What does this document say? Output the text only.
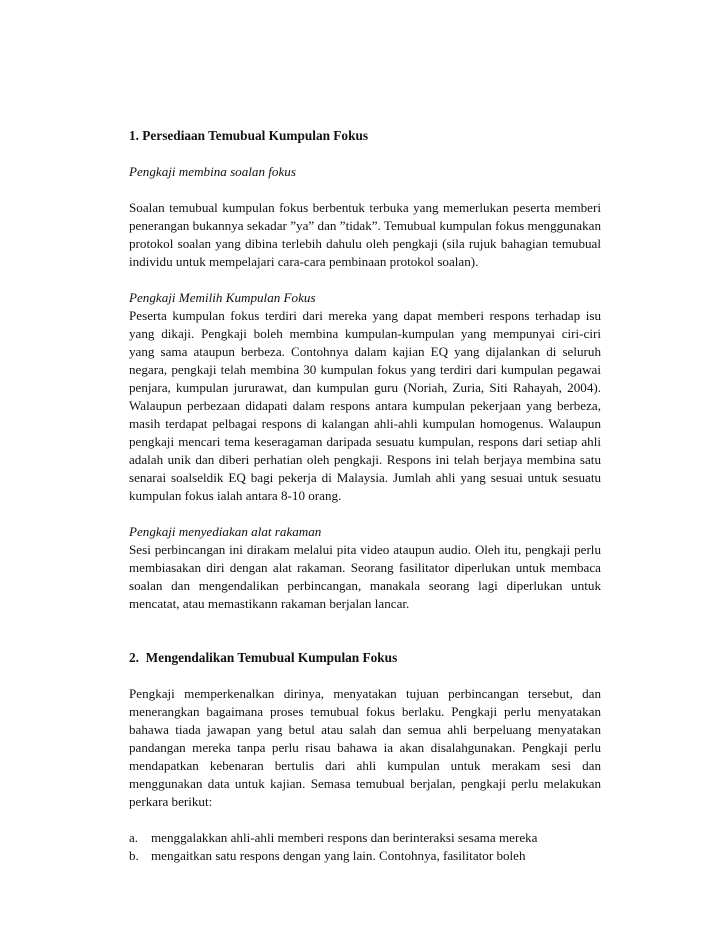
1. Persediaan Temubual Kumpulan Fokus

Pengkaji membina soalan fokus

Soalan temubual kumpulan fokus berbentuk terbuka yang memerlukan peserta memberi penerangan bukannya sekadar ”ya” dan ”tidak”. Temubual kumpulan fokus menggunakan protokol soalan yang dibina terlebih dahulu oleh pengkaji (sila rujuk bahagian temubual individu untuk mempelajari cara-cara pembinaan protokol soalan).

Pengkaji Memilih Kumpulan Fokus

Peserta kumpulan fokus terdiri dari mereka yang dapat memberi respons terhadap isu yang dikaji. Pengkaji boleh membina kumpulan-kumpulan yang mempunyai ciri-ciri yang sama ataupun berbeza. Contohnya dalam kajian EQ yang dijalankan di seluruh negara, pengkaji telah membina 30 kumpulan fokus yang terdiri dari kumpulan pegawai penjara, kumpulan jururawat, dan kumpulan guru (Noriah, Zuria, Siti Rahayah, 2004). Walaupun perbezaan didapati dalam respons antara kumpulan pekerjaan yang berbeza, masih terdapat pelbagai respons di kalangan ahli-ahli kumpulan homogenus. Walaupun pengkaji mencari tema keseragaman daripada sesuatu kumpulan, respons dari setiap ahli adalah unik dan diberi perhatian oleh pengkaji. Respons ini telah berjaya membina satu senarai soalseldik EQ bagi pekerja di Malaysia. Jumlah ahli yang sesuai untuk sesuatu kumpulan fokus ialah antara 8-10 orang.

Pengkaji menyediakan alat rakaman

Sesi perbincangan ini dirakam melalui pita video ataupun audio. Oleh itu, pengkaji perlu membiasakan diri dengan alat rakaman. Seorang fasilitator diperlukan untuk membaca soalan dan mengendalikan perbincangan, manakala seorang lagi diperlukan untuk mencatat, atau memastikann rakaman berjalan lancar.

2.  Mengendalikan Temubual Kumpulan Fokus

Pengkaji memperkenalkan dirinya, menyatakan tujuan perbincangan tersebut, dan menerangkan bagaimana proses temubual fokus berlaku. Pengkaji perlu menyatakan bahawa tiada jawapan yang betul atau salah dan semua ahli berpeluang menyatakan pandangan mereka tanpa perlu risau bahawa ia akan disalahgunakan. Pengkaji perlu mendapatkan kebenaran bertulis dari ahli kumpulan untuk merakam sesi dan menggunakan data untuk kajian. Semasa temubual berjalan, pengkaji perlu melakukan perkara berikut:

a. menggalakkan ahli-ahli memberi respons dan berinteraksi sesama mereka
b. mengaitkan satu respons dengan yang lain. Contohnya, fasilitator boleh
